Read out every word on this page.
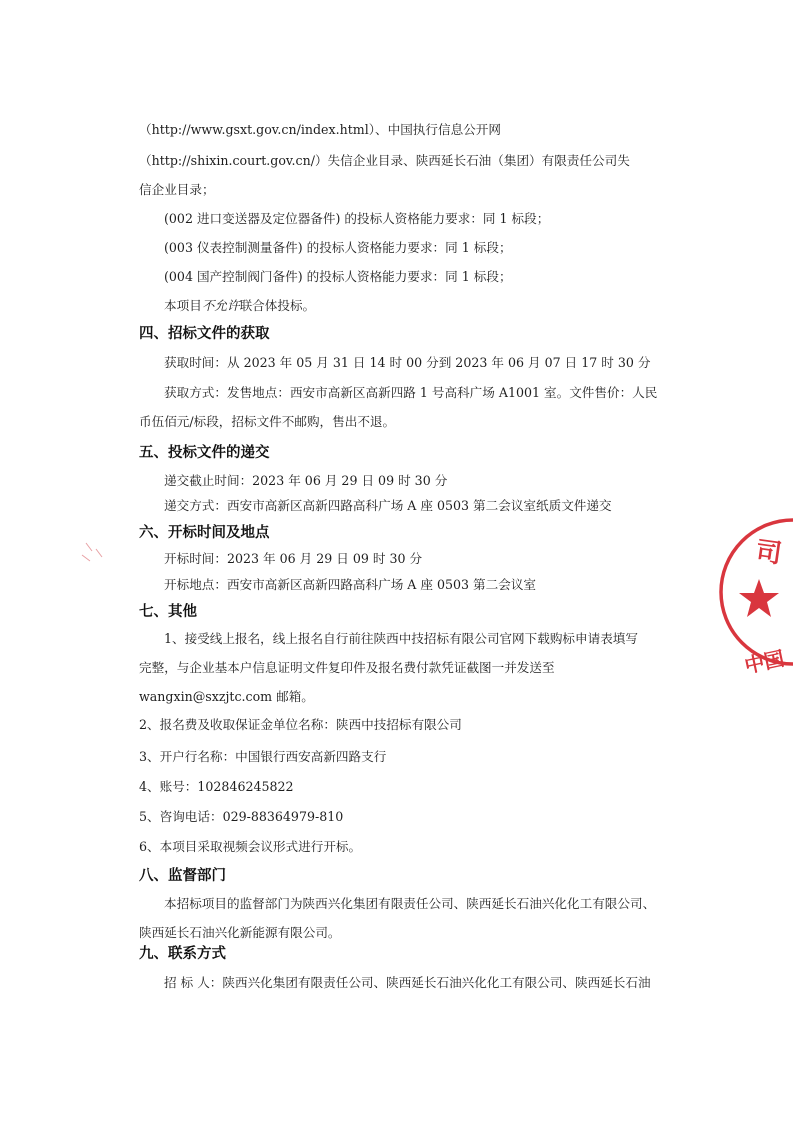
（http://www.gsxt.gov.cn/index.html）、中国执行信息公开网
（http://shixin.court.gov.cn/）失信企业目录、陕西延长石油（集团）有限责任公司失
信企业目录；
(002 进口变送器及定位器备件) 的投标人资格能力要求：同 1 标段；
(003 仪表控制测量备件) 的投标人资格能力要求：同 1 标段；
(004 国产控制阀门备件) 的投标人资格能力要求：同 1 标段；
本项目不允许联合体投标。
四、招标文件的获取
获取时间：从 2023 年 05 月 31 日 14 时 00 分到 2023 年 06 月 07 日 17 时 30 分
获取方式：发售地点：西安市高新区高新四路 1 号高科广场 A1001 室。文件售价：人民
币伍佰元/标段，招标文件不邮购，售出不退。
五、投标文件的递交
递交截止时间：2023 年 06 月 29 日 09 时 30 分
递交方式：西安市高新区高新四路高科广场 A 座 0503 第二会议室纸质文件递交
六、开标时间及地点
开标时间：2023 年 06 月 29 日 09 时 30 分
开标地点：西安市高新区高新四路高科广场 A 座 0503 第二会议室
七、其他
1、接受线上报名，线上报名自行前往陕西中技招标有限公司官网下载购标申请表填写
完整，与企业基本户信息证明文件复印件及报名费付款凭证截图一并发送至
wangxin@sxzjtc.com 邮箱。
2、报名费及收取保证金单位名称：陕西中技招标有限公司
3、开户行名称：中国银行西安高新四路支行
4、账号：102846245822
5、咨询电话：029-88364979-810
6、本项目采取视频会议形式进行开标。
八、监督部门
本招标项目的监督部门为陕西兴化集团有限责任公司、陕西延长石油兴化化工有限公司、
陕西延长石油兴化新能源有限公司。
九、联系方式
招 标 人：陕西兴化集团有限责任公司、陕西延长石油兴化化工有限公司、陕西延长石油
司
中国
